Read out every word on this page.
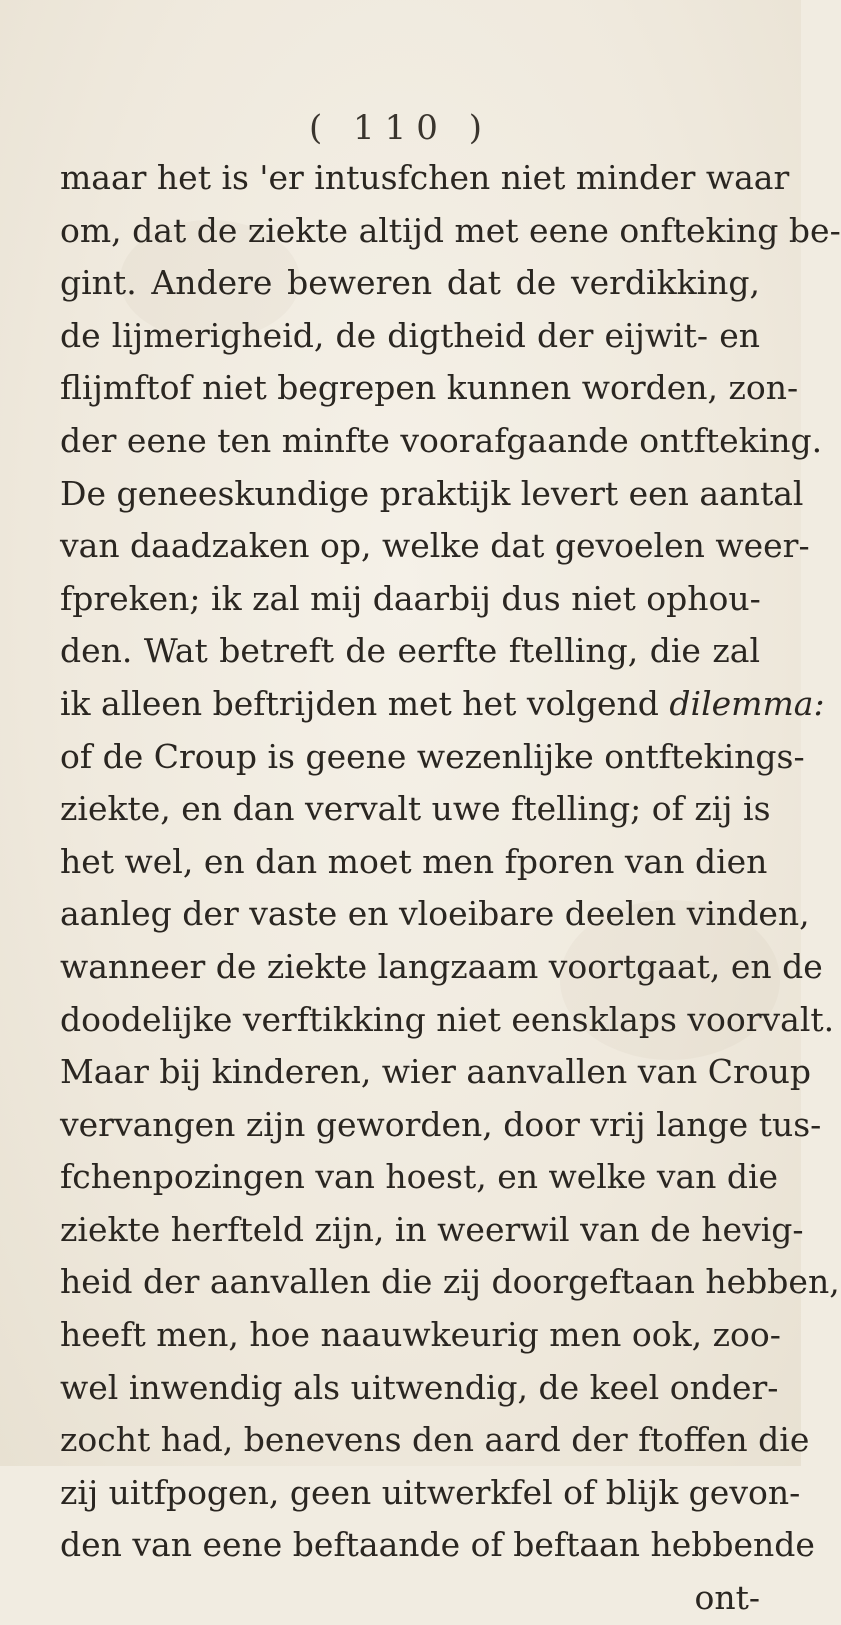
( 110 )
maar het is 'er intusfchen niet minder waar
om, dat de ziekte altijd met eene onfteking be-
gint. Andere beweren dat de verdikking,
de lijmerigheid, de digtheid der eijwit- en
flijmftof niet begrepen kunnen worden, zon-
der eene ten minfte voorafgaande ontfteking.
De geneeskundige praktijk levert een aantal
van daadzaken op, welke dat gevoelen weer-
fpreken; ik zal mij daarbij dus niet ophou-
den. Wat betreft de eerfte ftelling, die zal
ik alleen beftrijden met het volgend dilemma:
of de Croup is geene wezenlijke ontftekings-
ziekte, en dan vervalt uwe ftelling; of zij is
het wel, en dan moet men fporen van dien
aanleg der vaste en vloeibare deelen vinden,
wanneer de ziekte langzaam voortgaat, en de
doodelijke verftikking niet eensklaps voorvalt.
Maar bij kinderen, wier aanvallen van Croup
vervangen zijn geworden, door vrij lange tus-
fchenpozingen van hoest, en welke van die
ziekte herfteld zijn, in weerwil van de hevig-
heid der aanvallen die zij doorgeftaan hebben,
heeft men, hoe naauwkeurig men ook, zoo-
wel inwendig als uitwendig, de keel onder-
zocht had, benevens den aard der ftoffen die
zij uitfpogen, geen uitwerkfel of blijk gevon-
den van eene beftaande of beftaan hebbende
ont-
